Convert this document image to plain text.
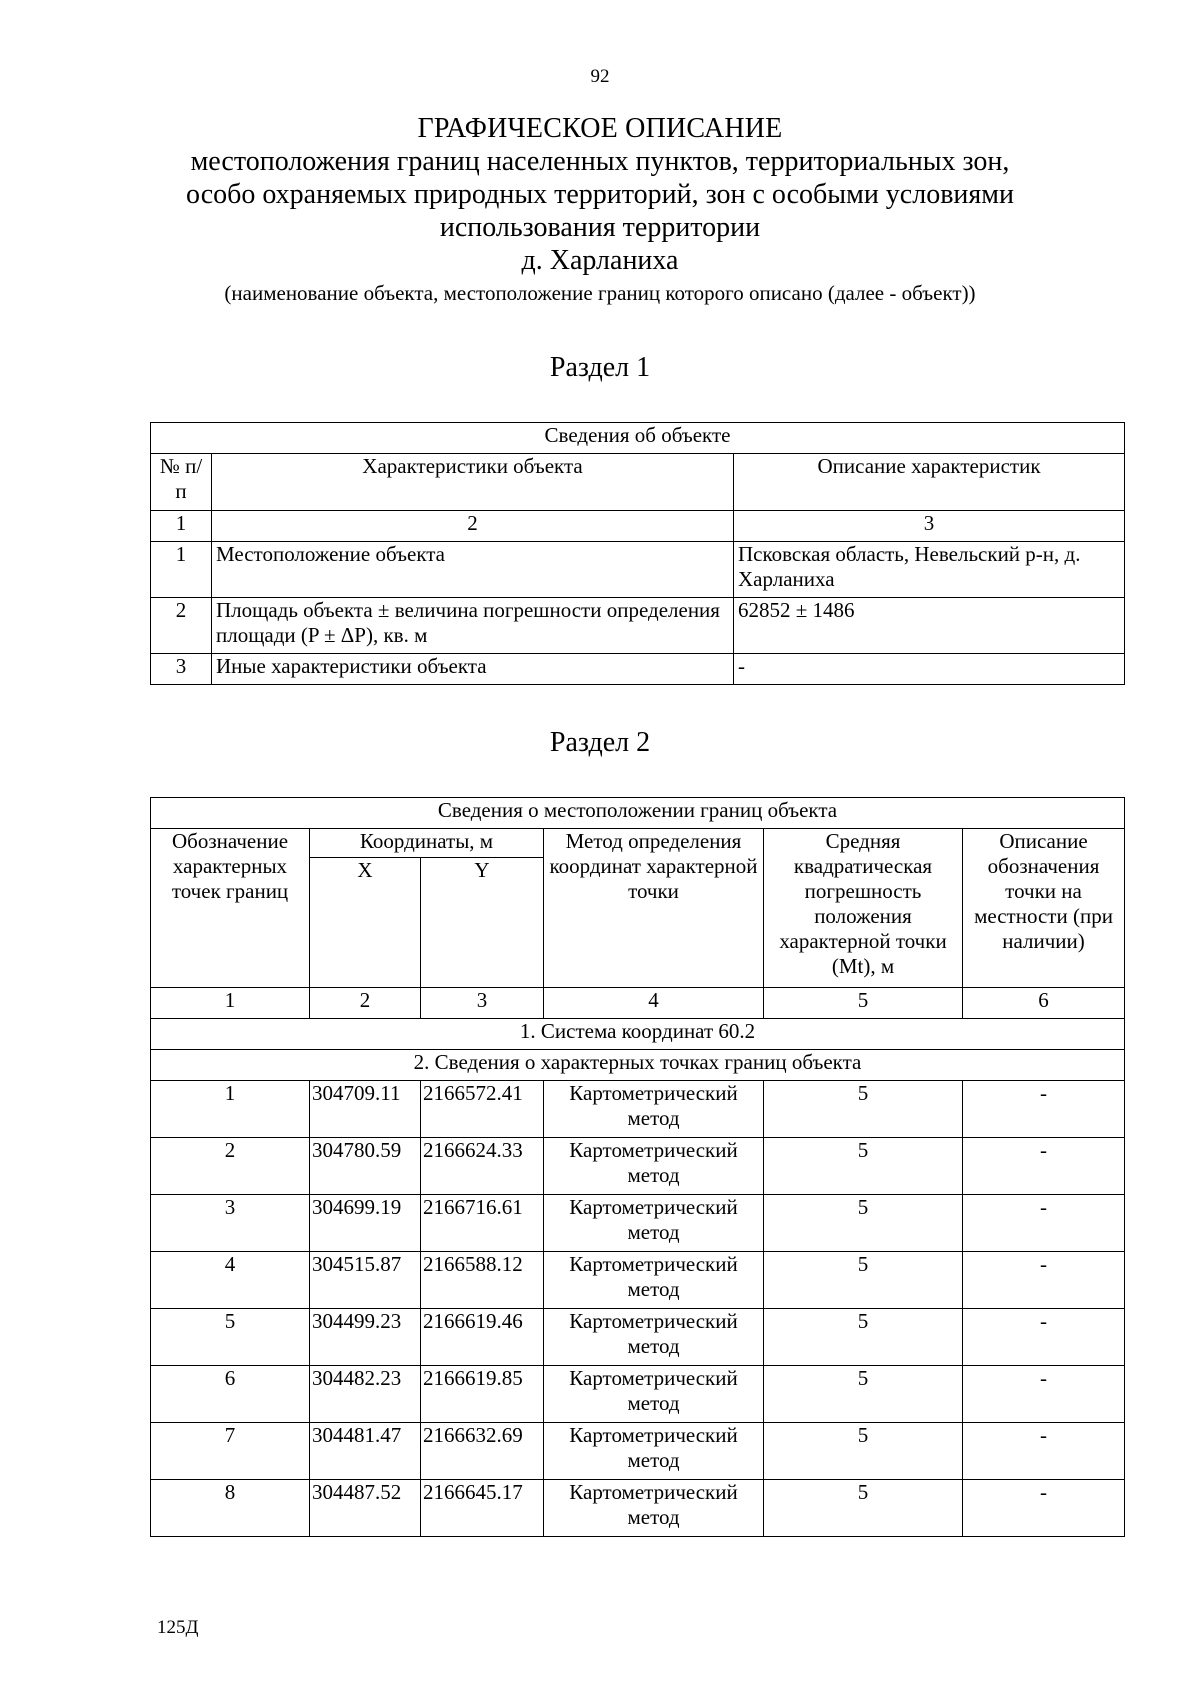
92
ГРАФИЧЕСКОЕ ОПИСАНИЕ
местоположения границ населенных пунктов, территориальных зон,
особо охраняемых природных территорий, зон с особыми условиями
использования территории
д. Харланиха
(наименование объекта, местоположение границ которого описано (далее - объект))
Раздел 1
Сведения об объекте		
№ п/п	Характеристики объекта	Описание характеристик
1	2	3
1	Местоположение объекта	Псковская область, Невельский р-н, д. Харланиха
2	Площадь объекта ± величина погрешности определения площади (P ± ΔP), кв. м	62852 ± 1486
3	Иные характеристики объекта	-
Раздел 2
Сведения о местоположении границ объекта					
Обозначение характерных точек границ	Координаты, м		Метод определения координат характерной точки	Средняя квадратическая погрешность положения характерной точки (Mt), м	Описание обозначения точки на местности (при наличии)
	X	Y			
1	2	3	4	5	6
1. Система координат 60.2					
2. Сведения о характерных точках границ объекта					
1	304709.11	2166572.41	Картометрический метод	5	-
2	304780.59	2166624.33	Картометрический метод	5	-
3	304699.19	2166716.61	Картометрический метод	5	-
4	304515.87	2166588.12	Картометрический метод	5	-
5	304499.23	2166619.46	Картометрический метод	5	-
6	304482.23	2166619.85	Картометрический метод	5	-
7	304481.47	2166632.69	Картометрический метод	5	-
8	304487.52	2166645.17	Картометрический метод	5	-
125Д
